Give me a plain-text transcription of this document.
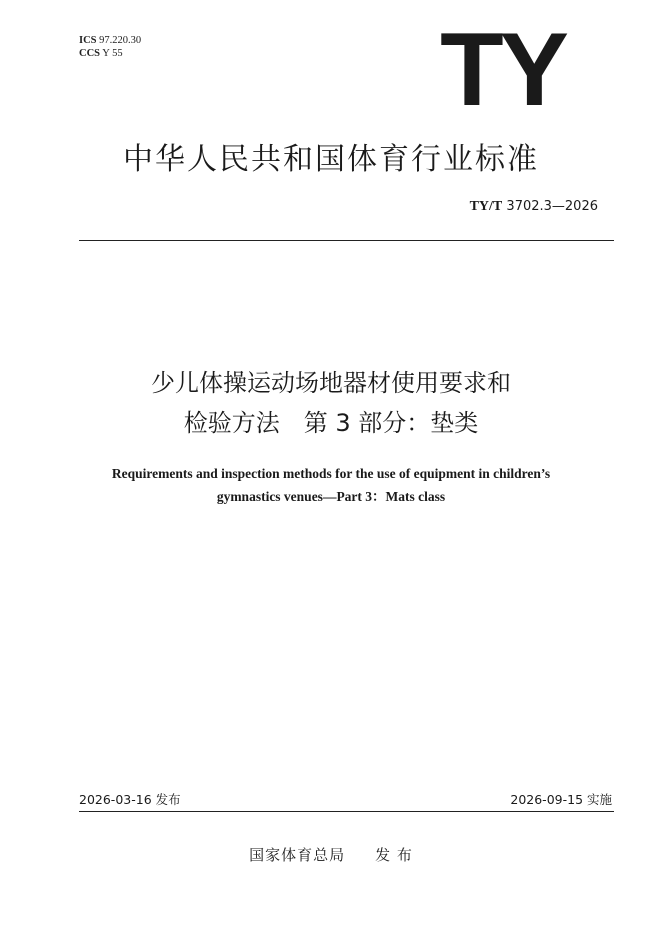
ICS 97.220.30
CCS Y 55	TY
中华人民共和国体育行业标准
TY/T 3702.3—2026
少儿体操运动场地器材使用要求和
检验方法　第 3 部分：垫类
Requirements and inspection methods for the use of equipment in children’s
gymnastics venues—Part 3：Mats class
2026-03-16 发布	2026-09-15 实施
国家体育总局 发 布
